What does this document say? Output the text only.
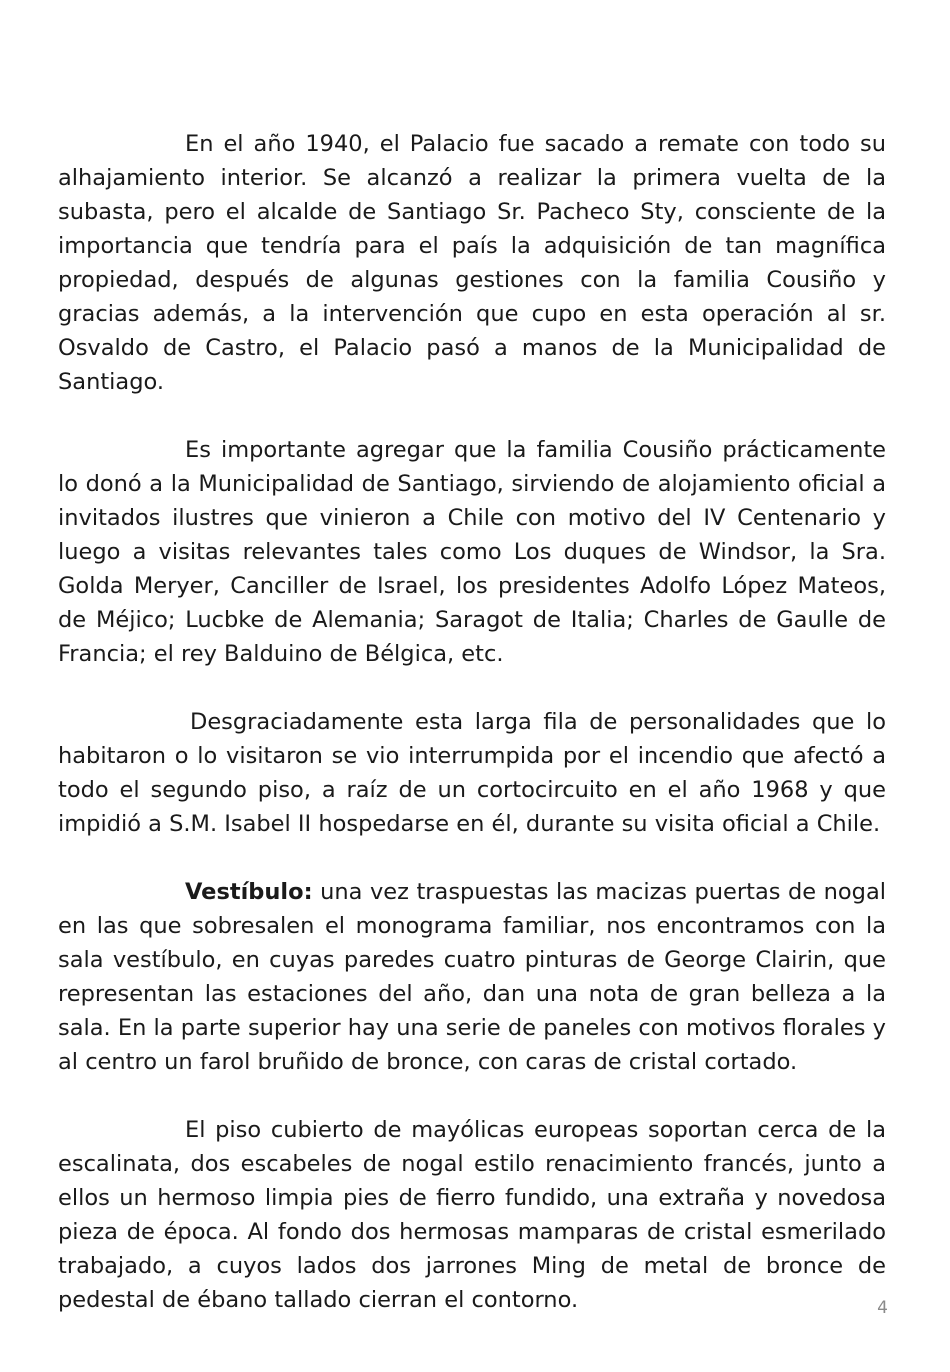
En el año 1940, el Palacio fue sacado a remate con todo su alhajamiento interior. Se alcanzó a realizar la primera vuelta de la subasta, pero el alcalde de Santiago Sr. Pacheco Sty, consciente de la importancia que tendría para el país la adquisición de tan magnífica propiedad, después de algunas gestiones con la familia Cousiño y gracias además, a la intervención que cupo en esta operación al sr. Osvaldo de Castro, el Palacio pasó a manos de la Municipalidad de Santiago.

Es importante agregar que la familia Cousiño prácticamente lo donó a la Municipalidad de Santiago, sirviendo de alojamiento oficial a invitados ilustres que vinieron a Chile con motivo del IV Centenario y luego a visitas relevantes tales como Los duques de Windsor, la Sra. Golda Meryer, Canciller de Israel, los presidentes Adolfo López Mateos, de Méjico; Lucbke de Alemania; Saragot de Italia; Charles de Gaulle de Francia; el rey Balduino de Bélgica, etc.

Desgraciadamente esta larga fila de personalidades que lo habitaron o lo visitaron se vio interrumpida por el incendio que afectó a todo el segundo piso, a raíz de un cortocircuito en el año 1968 y que impidió a S.M. Isabel II hospedarse en él, durante su visita oficial a Chile.

Vestíbulo: una vez traspuestas las macizas puertas de nogal en las que sobresalen el monograma familiar, nos encontramos con la sala vestíbulo, en cuyas paredes cuatro pinturas de George Clairin, que representan las estaciones del año, dan una nota de gran belleza a la sala. En la parte superior hay una serie de paneles con motivos florales y al centro un farol bruñido de bronce, con caras de cristal cortado.

El piso cubierto de mayólicas europeas soportan cerca de la escalinata, dos escabeles de nogal estilo renacimiento francés, junto a ellos un hermoso limpia pies de fierro fundido, una extraña y novedosa pieza de época. Al fondo dos hermosas mamparas de cristal esmerilado trabajado, a cuyos lados dos jarrones Ming de metal de bronce de pedestal de ébano tallado cierran el contorno.	4
